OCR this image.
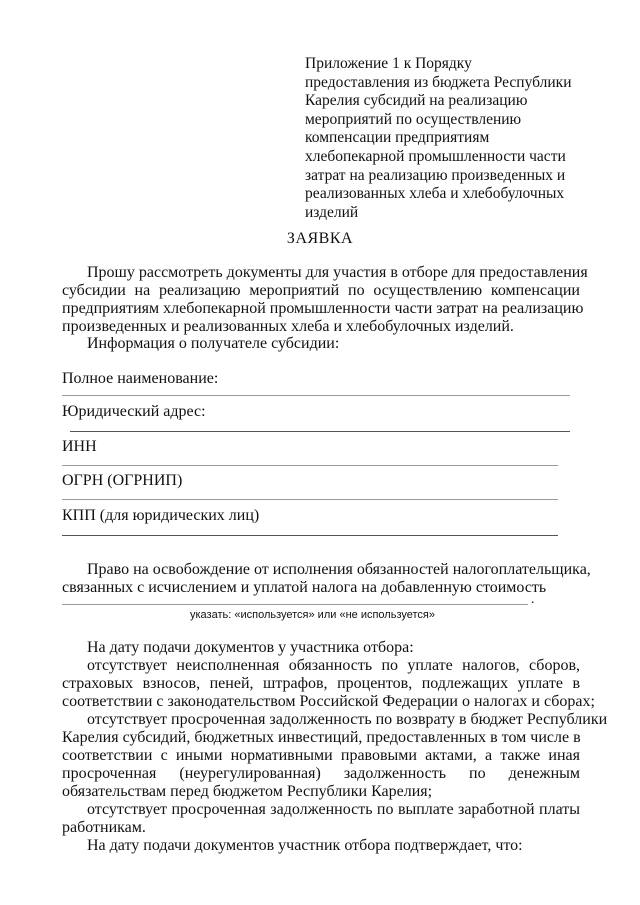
Приложение 1 к Порядку
предоставления из бюджета Республики
Карелия субсидий на реализацию
мероприятий по осуществлению
компенсации предприятиям
хлебопекарной промышленности части
затрат на реализацию произведенных и
реализованных хлеба и хлебобулочных
изделий
ЗАЯВКА
Прошу рассмотреть документы для участия в отборе для предоставления
субсидии на реализацию мероприятий по осуществлению компенсации
предприятиям хлебопекарной промышленности части затрат на реализацию
произведенных и реализованных хлеба и хлебобулочных изделий.
Информация о получателе субсидии:
Полное наименование:
Юридический адрес:
ИНН
ОГРН (ОГРНИП)
КПП (для юридических лиц)
Право на освобождение от исполнения обязанностей налогоплательщика,
связанных с исчислением и уплатой налога на добавленную стоимость
.
указать: «используется» или «не используется»
На дату подачи документов у участника отбора:
отсутствует неисполненная обязанность по уплате налогов, сборов,
страховых взносов, пеней, штрафов, процентов, подлежащих уплате в
соответствии с законодательством Российской Федерации о налогах и сборах;
отсутствует просроченная задолженность по возврату в бюджет Республики
Карелия субсидий, бюджетных инвестиций, предоставленных в том числе в
соответствии с иными нормативными правовыми актами, а также иная
просроченная (неурегулированная) задолженность по денежным
обязательствам перед бюджетом Республики Карелия;
отсутствует просроченная задолженность по выплате заработной платы
работникам.
На дату подачи документов участник отбора подтверждает, что:
